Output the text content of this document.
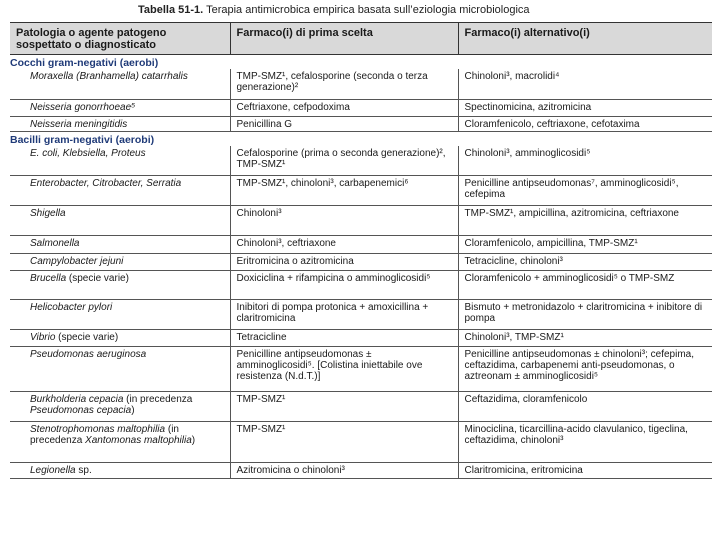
Tabella 51-1. Terapia antimicrobica empirica basata sull’eziologia microbiologica
Patologia o agente patogeno sospettato o diagnosticato	Farmaco(i) di prima scelta	Farmaco(i) alternativo(i)
Cocchi gram-negativi (aerobi)		
Moraxella (Branhamella) catarrhalis	TMP-SMZ¹, cefalosporine (seconda o terza generazione)²	Chinoloni³, macrolidi⁴
Neisseria gonorrhoeae⁵	Ceftriaxone, cefpodoxima	Spectinomicina, azitromicina
Neisseria meningitidis	Penicillina G	Cloramfenicolo, ceftriaxone, cefotaxima
Bacilli gram-negativi (aerobi)		
E. coli, Klebsiella, Proteus	Cefalosporine (prima o seconda generazione)², TMP-SMZ¹	Chinoloni³, amminoglicosidi⁵
Enterobacter, Citrobacter, Serratia	TMP-SMZ¹, chinoloni³, carbapenemici⁶	Penicilline antipseudomonas⁷, amminoglicosidi⁵, cefepima
Shigella	Chinoloni³	TMP-SMZ¹, ampicillina, azitromicina, ceftriaxone
Salmonella	Chinoloni³, ceftriaxone	Cloramfenicolo, ampicillina, TMP-SMZ¹
Campylobacter jejuni	Eritromicina o azitromicina	Tetracicline, chinoloni³
Brucella (specie varie)	Doxiciclina + rifampicina o amminoglicosidi⁵	Cloramfenicolo + amminoglicosidi⁵ o TMP-SMZ
Helicobacter pylori	Inibitori di pompa protonica + amoxicillina + claritromicina	Bismuto + metronidazolo + claritromicina + inibitore di pompa
Vibrio (specie varie)	Tetracicline	Chinoloni³, TMP-SMZ¹
Pseudomonas aeruginosa	Penicilline antipseudomonas ± amminoglicosidi⁵. [Colistina iniettabile ove resistenza (N.d.T.)]	Penicilline antipseudomonas ± chinoloni³; cefepima, ceftazidima, carbapenemi anti-pseudomonas, o aztreonam ± amminoglicosidi⁵
Burkholderia cepacia (in precedenza Pseudomonas cepacia)	TMP-SMZ¹	Ceftazidima, cloramfenicolo
Stenotrophomonas maltophilia (in precedenza Xantomonas maltophilia)	TMP-SMZ¹	Minociclina, ticarcillina-acido clavulanico, tigeclina, ceftazidima, chinoloni³
Legionella sp.	Azitromicina o chinoloni³	Claritromicina, eritromicina
